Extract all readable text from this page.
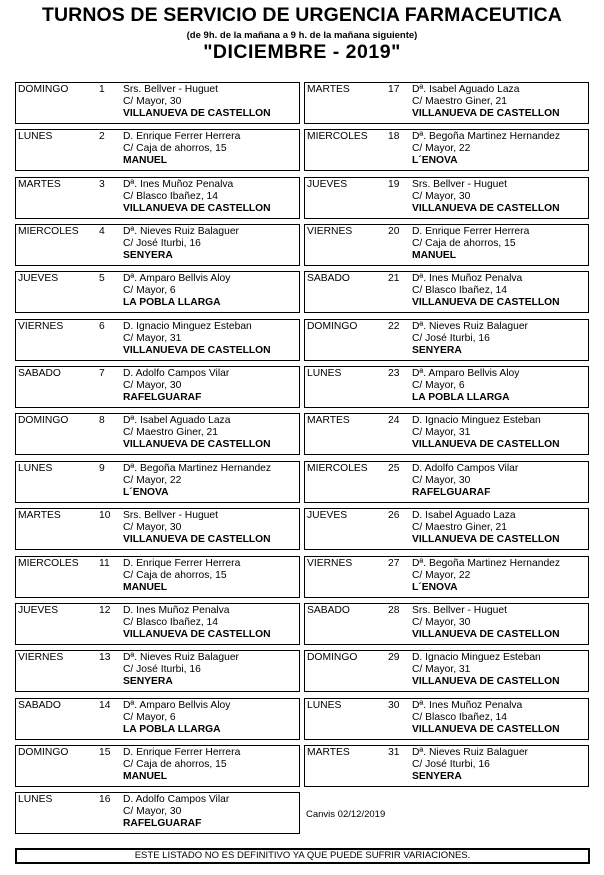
TURNOS DE SERVICIO DE URGENCIA FARMACEUTICA
(de 9h. de la mañana a 9 h. de la mañana siguiente)
"DICIEMBRE - 2019"
DOMINGO	1 Srs. Bellver - Huguet
C/ Mayor, 30
VILLANUEVA DE CASTELLON
LUNES	2 D. Enrique Ferrer Herrera
C/ Caja de ahorros, 15
MANUEL
MARTES	3 Dª. Ines Muñoz Penalva
C/ Blasco Ibañez, 14
VILLANUEVA DE CASTELLON
MIERCOLES 4 Dª. Nieves Ruiz Balaguer
C/ José Iturbi, 16
SENYERA
JUEVES	5 Dª. Amparo Bellvis Aloy
C/ Mayor, 6
LA POBLA LLARGA
VIERNES	6 D. Ignacio Minguez Esteban
C/ Mayor, 31
VILLANUEVA DE CASTELLON
SABADO	7 D. Adolfo Campos Vilar
C/ Mayor, 30
RAFELGUARAF
DOMINGO	8 Dª. Isabel Aguado Laza
C/ Maestro Giner, 21
VILLANUEVA DE CASTELLON
LUNES	9 Dª. Begoña Martinez Hernandez
C/ Mayor, 22
L´ENOVA
MARTES	10 Srs. Bellver - Huguet
C/ Mayor, 30
VILLANUEVA DE CASTELLON
MIERCOLES 11 D. Enrique Ferrer Herrera
C/ Caja de ahorros, 15
MANUEL
JUEVES	12 D. Ines Muñoz Penalva
C/ Blasco Ibañez, 14
VILLANUEVA DE CASTELLON
VIERNES	13 Dª. Nieves Ruiz Balaguer
C/ José Iturbi, 16
SENYERA
SABADO	14 Dª. Amparo Bellvis Aloy
C/ Mayor, 6
LA POBLA LLARGA
DOMINGO	15 D. Enrique Ferrer Herrera
C/ Caja de ahorros, 15
MANUEL
LUNES	16 D. Adolfo Campos Vilar
C/ Mayor, 30
RAFELGUARAF
MARTES	17 Dª. Isabel Aguado Laza
C/ Maestro Giner, 21
VILLANUEVA DE CASTELLON
MIERCOLES 18 Dª. Begoña Martinez Hernandez
C/ Mayor, 22
L´ENOVA
JUEVES	19 Srs. Bellver - Huguet
C/ Mayor, 30
VILLANUEVA DE CASTELLON
VIERNES	20 D. Enrique Ferrer Herrera
C/ Caja de ahorros, 15
MANUEL
SABADO	21 Dª. Ines Muñoz Penalva
C/ Blasco Ibañez, 14
VILLANUEVA DE CASTELLON
DOMINGO	22 Dª. Nieves Ruiz Balaguer
C/ José Iturbi, 16
SENYERA
LUNES	23 Dª. Amparo Bellvis Aloy
C/ Mayor, 6
LA POBLA LLARGA
MARTES	24 D. Ignacio Minguez Esteban
C/ Mayor, 31
VILLANUEVA DE CASTELLON
MIERCOLES 25 D. Adolfo Campos Vilar
C/ Mayor, 30
RAFELGUARAF
JUEVES	26 D. Isabel Aguado Laza
C/ Maestro Giner, 21
VILLANUEVA DE CASTELLON
VIERNES	27 Dª. Begoña Martinez Hernandez
C/ Mayor, 22
L´ENOVA
SABADO	28 Srs. Bellver - Huguet
C/ Mayor, 30
VILLANUEVA DE CASTELLON
DOMINGO	29 D. Ignacio Minguez Esteban
C/ Mayor, 31
VILLANUEVA DE CASTELLON
LUNES	30 Dª. Ines Muñoz Penalva
C/ Blasco Ibañez, 14
VILLANUEVA DE CASTELLON
MARTES	31 Dª. Nieves Ruiz Balaguer
C/ José Iturbi, 16
SENYERA
Canvis 02/12/2019
ESTE LISTADO NO ES DEFINITIVO YA QUE PUEDE SUFRIR VARIACIONES.
